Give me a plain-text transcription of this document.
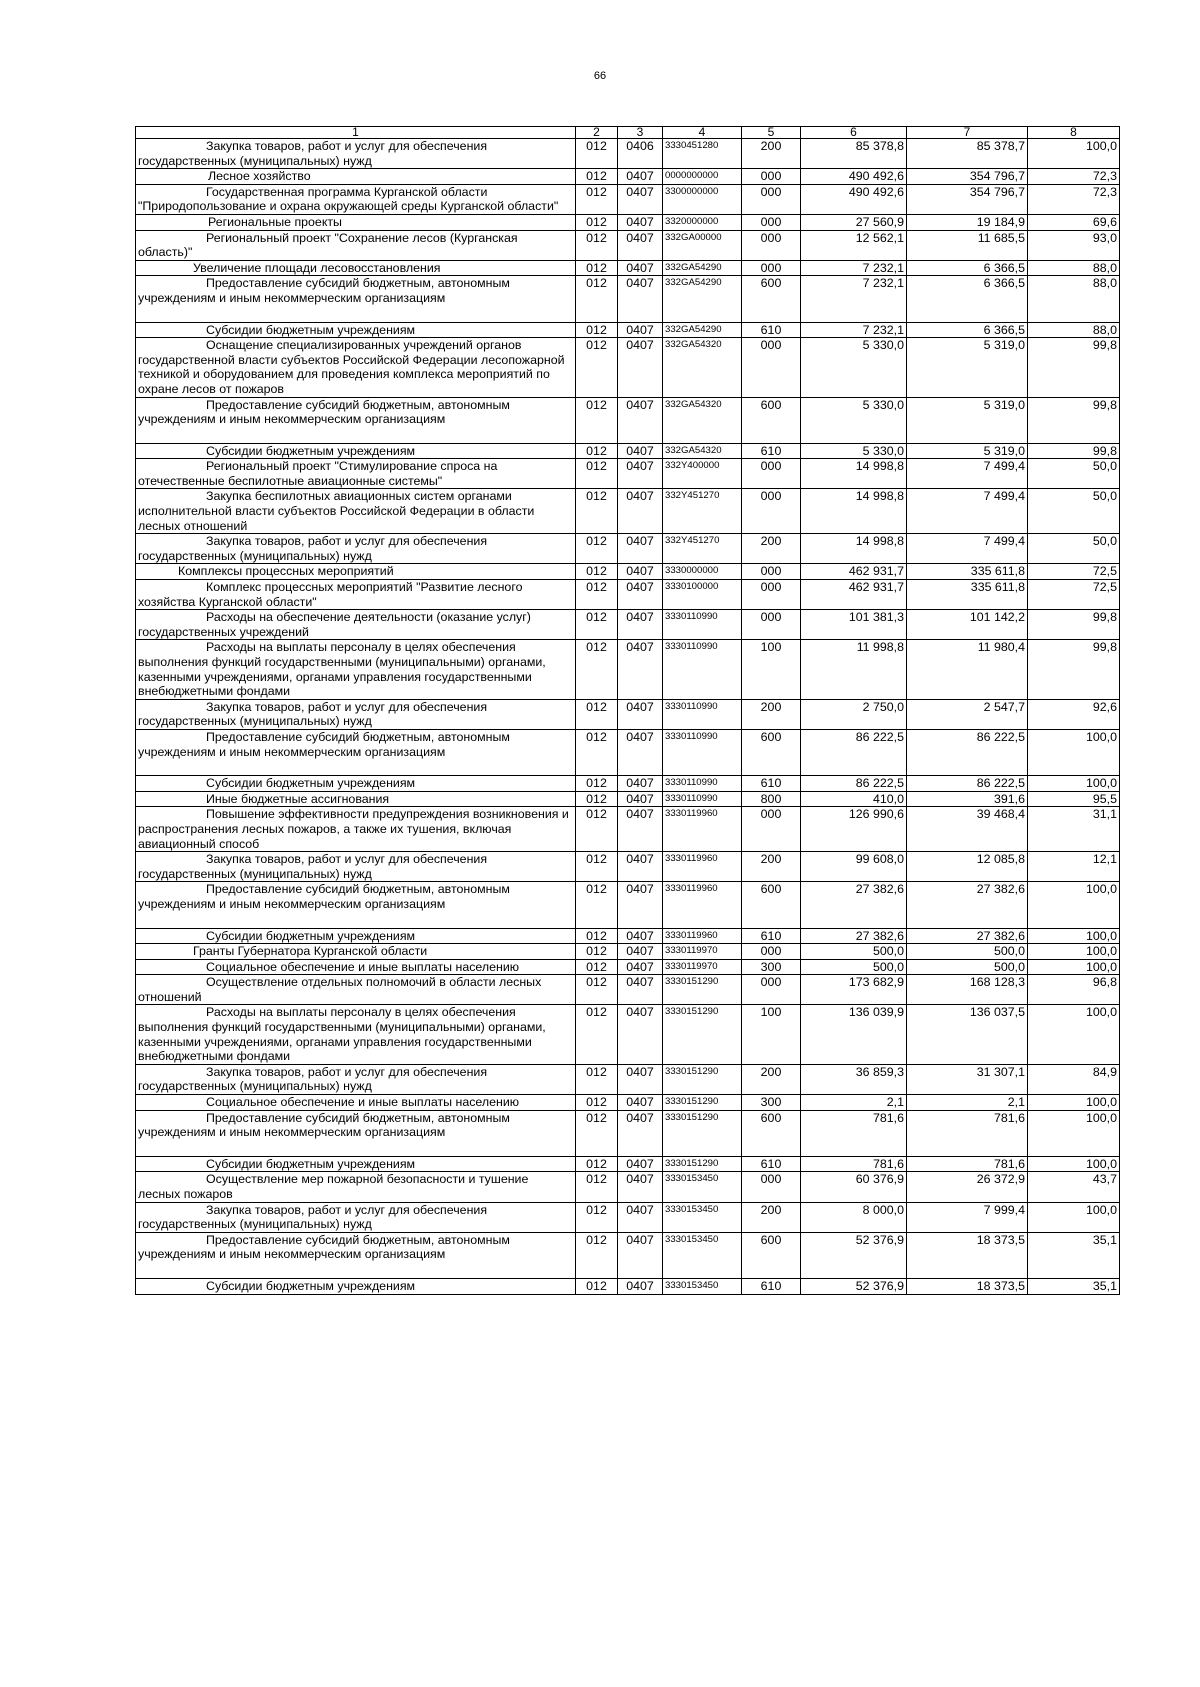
66
1	2	3	4	5	6	7	8

Закупка товаров, работ и услуг для обеспечения государственных (муниципальных) нужд	012	0406	3330451280	200	85 378,8	85 378,7	100,0

Лесное хозяйство	012	0407	0000000000	000	490 492,6	354 796,7	72,3

Государственная программа Курганской области "Природопользование и охрана окружающей среды Курганской области"	012	0407	3300000000	000	490 492,6	354 796,7	72,3

Региональные проекты	012	0407	3320000000	000	27 560,9	19 184,9	69,6

Региональный проект "Сохранение лесов (Курганская область)"	012	0407	332GA00000	000	12 562,1	11 685,5	93,0

Увеличение площади лесовосстановления	012	0407	332GA54290	000	7 232,1	6 366,5	88,0

Предоставление субсидий бюджетным, автономным учреждениям и иным некоммерческим организациям	012	0407	332GA54290	600	7 232,1	6 366,5	88,0

Субсидии бюджетным учреждениям	012	0407	332GA54290	610	7 232,1	6 366,5	88,0

Оснащение специализированных учреждений органов государственной власти субъектов Российской Федерации лесопожарной техникой и оборудованием для проведения комплекса мероприятий по охране лесов от пожаров	012	0407	332GA54320	000	5 330,0	5 319,0	99,8

Предоставление субсидий бюджетным, автономным учреждениям и иным некоммерческим организациям	012	0407	332GA54320	600	5 330,0	5 319,0	99,8

Субсидии бюджетным учреждениям	012	0407	332GA54320	610	5 330,0	5 319,0	99,8

Региональный проект "Стимулирование спроса на отечественные беспилотные авиационные системы"	012	0407	332Y400000	000	14 998,8	7 499,4	50,0

Закупка беспилотных авиационных систем органами исполнительной власти субъектов Российской Федерации в области лесных отношений	012	0407	332Y451270	000	14 998,8	7 499,4	50,0

Закупка товаров, работ и услуг для обеспечения государственных (муниципальных) нужд	012	0407	332Y451270	200	14 998,8	7 499,4	50,0

Комплексы процессных мероприятий	012	0407	3330000000	000	462 931,7	335 611,8	72,5

Комплекс процессных мероприятий "Развитие лесного хозяйства Курганской области"	012	0407	3330100000	000	462 931,7	335 611,8	72,5

Расходы на обеспечение деятельности (оказание услуг) государственных учреждений	012	0407	3330110990	000	101 381,3	101 142,2	99,8

Расходы на выплаты персоналу в целях обеспечения выполнения функций государственными (муниципальными) органами, казенными учреждениями, органами управления государственными внебюджетными фондами	012	0407	3330110990	100	11 998,8	11 980,4	99,8

Закупка товаров, работ и услуг для обеспечения государственных (муниципальных) нужд	012	0407	3330110990	200	2 750,0	2 547,7	92,6

Предоставление субсидий бюджетным, автономным учреждениям и иным некоммерческим организациям	012	0407	3330110990	600	86 222,5	86 222,5	100,0

Субсидии бюджетным учреждениям	012	0407	3330110990	610	86 222,5	86 222,5	100,0

Иные бюджетные ассигнования	012	0407	3330110990	800	410,0	391,6	95,5

Повышение эффективности предупреждения возникновения и распространения лесных пожаров, а также их тушения, включая авиационный способ	012	0407	3330119960	000	126 990,6	39 468,4	31,1

Закупка товаров, работ и услуг для обеспечения государственных (муниципальных) нужд	012	0407	3330119960	200	99 608,0	12 085,8	12,1

Предоставление субсидий бюджетным, автономным учреждениям и иным некоммерческим организациям	012	0407	3330119960	600	27 382,6	27 382,6	100,0

Субсидии бюджетным учреждениям	012	0407	3330119960	610	27 382,6	27 382,6	100,0

Гранты Губернатора Курганской области	012	0407	3330119970	000	500,0	500,0	100,0

Социальное обеспечение и иные выплаты населению	012	0407	3330119970	300	500,0	500,0	100,0

Осуществление отдельных полномочий в области лесных отношений	012	0407	3330151290	000	173 682,9	168 128,3	96,8

Расходы на выплаты персоналу в целях обеспечения выполнения функций государственными (муниципальными) органами, казенными учреждениями, органами управления государственными внебюджетными фондами	012	0407	3330151290	100	136 039,9	136 037,5	100,0

Закупка товаров, работ и услуг для обеспечения государственных (муниципальных) нужд	012	0407	3330151290	200	36 859,3	31 307,1	84,9

Социальное обеспечение и иные выплаты населению	012	0407	3330151290	300	2,1	2,1	100,0

Предоставление субсидий бюджетным, автономным учреждениям и иным некоммерческим организациям	012	0407	3330151290	600	781,6	781,6	100,0

Субсидии бюджетным учреждениям	012	0407	3330151290	610	781,6	781,6	100,0

Осуществление мер пожарной безопасности и тушение лесных пожаров	012	0407	3330153450	000	60 376,9	26 372,9	43,7

Закупка товаров, работ и услуг для обеспечения государственных (муниципальных) нужд	012	0407	3330153450	200	8 000,0	7 999,4	100,0

Предоставление субсидий бюджетным, автономным учреждениям и иным некоммерческим организациям	012	0407	3330153450	600	52 376,9	18 373,5	35,1

Субсидии бюджетным учреждениям	012	0407	3330153450	610	52 376,9	18 373,5	35,1
